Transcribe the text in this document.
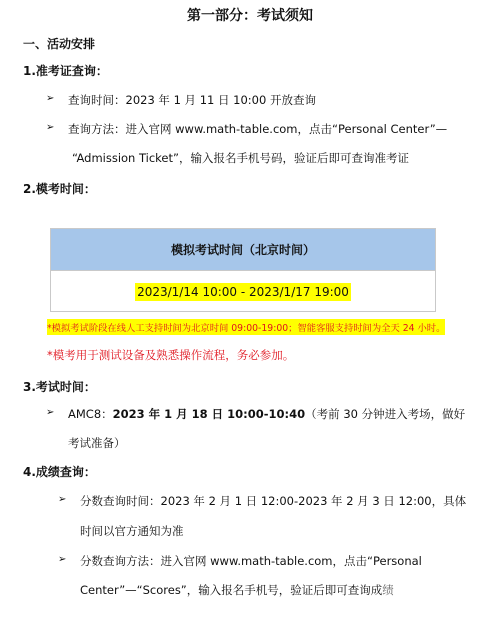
第一部分：考试须知
一、活动安排
1.准考证查询：
➢ 查询时间：2023 年 1 月 11 日 10:00 开放查询
➢ 查询方法：进入官网 www.math-table.com，点击“Personal Center”—
“Admission Ticket”，输入报名手机号码，验证后即可查询准考证
2.模考时间：
模拟考试时间（北京时间）
2023/1/14 10:00 - 2023/1/17 19:00
*模拟考试阶段在线人工支持时间为北京时间 09:00-19:00；智能客服支持时间为全天 24 小时。
*模考用于测试设备及熟悉操作流程，务必参加。
3.考试时间：
➢ AMC8：2023 年 1 月 18 日 10:00-10:40（考前 30 分钟进入考场，做好
考试准备）
4.成绩查询：
➢ 分数查询时间：2023 年 2 月 1 日 12:00-2023 年 2 月 3 日 12:00，具体
时间以官方通知为准
➢ 分数查询方法：进入官网 www.math-table.com，点击“Personal
Center”—“Scores”，输入报名手机号，验证后即可查询成绩
